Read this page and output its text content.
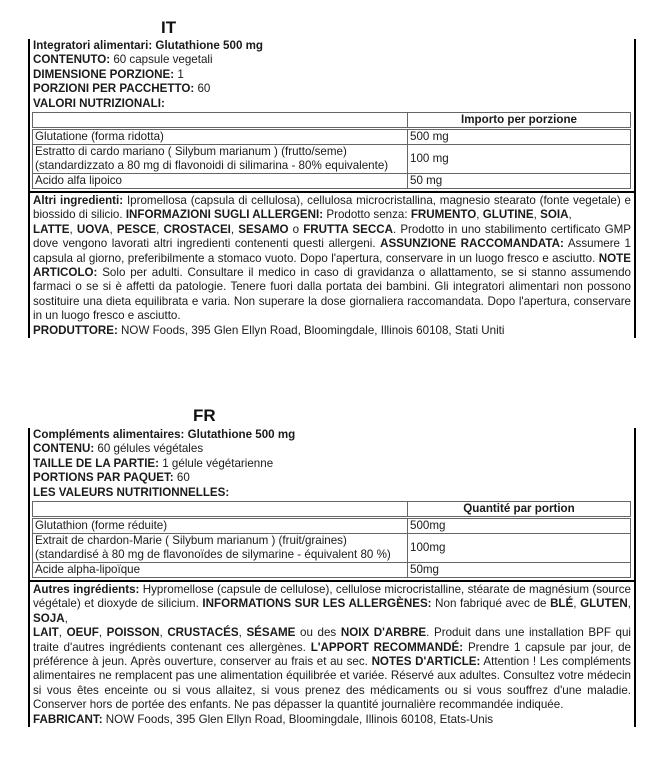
IT
Integratori alimentari: Glutathione 500 mg
CONTENUTO: 60 capsule vegetali
DIMENSIONE PORZIONE: 1
PORZIONI PER PACCHETTO: 60
VALORI NUTRIZIONALI:
	Importo per porzione
Glutatione (forma ridotta)	500 mg
Estratto di cardo mariano ( Silybum marianum ) (frutto/seme)
(standardizzato a 80 mg di flavonoidi di silimarina - 80% equivalente)	100 mg
Acido alfa lipoico	50 mg
Altri ingredienti: Ipromellosa (capsula di cellulosa), cellulosa microcristallina, magnesio stearato (fonte vegetale) e biossido di silicio. INFORMAZIONI SUGLI ALLERGENI: Prodotto senza: FRUMENTO, GLUTINE, SOIA,
LATTE, UOVA, PESCE, CROSTACEI, SESAMO o FRUTTA SECCA. Prodotto in uno stabilimento certificato GMP dove vengono lavorati altri ingredienti contenenti questi allergeni. ASSUNZIONE RACCOMANDATA: Assumere 1 capsula al giorno, preferibilmente a stomaco vuoto. Dopo l'apertura, conservare in un luogo fresco e asciutto. NOTE ARTICOLO: Solo per adulti. Consultare il medico in caso di gravidanza o allattamento, se si stanno assumendo farmaci o se si è affetti da patologie. Tenere fuori dalla portata dei bambini. Gli integratori alimentari non possono sostituire una dieta equilibrata e varia. Non superare la dose giornaliera raccomandata. Dopo l'apertura, conservare in un luogo fresco e asciutto.
PRODUTTORE: NOW Foods, 395 Glen Ellyn Road, Bloomingdale, Illinois 60108, Stati Uniti
FR
Compléments alimentaires: Glutathione 500 mg
CONTENU: 60 gélules végétales
TAILLE DE LA PARTIE: 1 gélule végétarienne
PORTIONS PAR PAQUET: 60
LES VALEURS NUTRITIONNELLES:
	Quantité par portion
Glutathion (forme réduite)	500mg
Extrait de chardon-Marie ( Silybum marianum ) (fruit/graines)
(standardisé à 80 mg de flavonoïdes de silymarine - équivalent 80 %)	100mg
Acide alpha-lipoïque	50mg
Autres ingrédients: Hypromellose (capsule de cellulose), cellulose microcristalline, stéarate de magnésium (source végétale) et dioxyde de silicium. INFORMATIONS SUR LES ALLERGÈNES: Non fabriqué avec de BLÉ, GLUTEN, SOJA,
LAIT, OEUF, POISSON, CRUSTACÉS, SÉSAME ou des NOIX D'ARBRE. Produit dans une installation BPF qui traite d'autres ingrédients contenant ces allergènes. L'APPORT RECOMMANDÉ: Prendre 1 capsule par jour, de préférence à jeun. Après ouverture, conserver au frais et au sec. NOTES D'ARTICLE: Attention ! Les compléments alimentaires ne remplacent pas une alimentation équilibrée et variée. Réservé aux adultes. Consultez votre médecin si vous êtes enceinte ou si vous allaitez, si vous prenez des médicaments ou si vous souffrez d'une maladie. Conserver hors de portée des enfants. Ne pas dépasser la quantité journalière recommandée indiquée.
FABRICANT: NOW Foods, 395 Glen Ellyn Road, Bloomingdale, Illinois 60108, Etats-Unis
